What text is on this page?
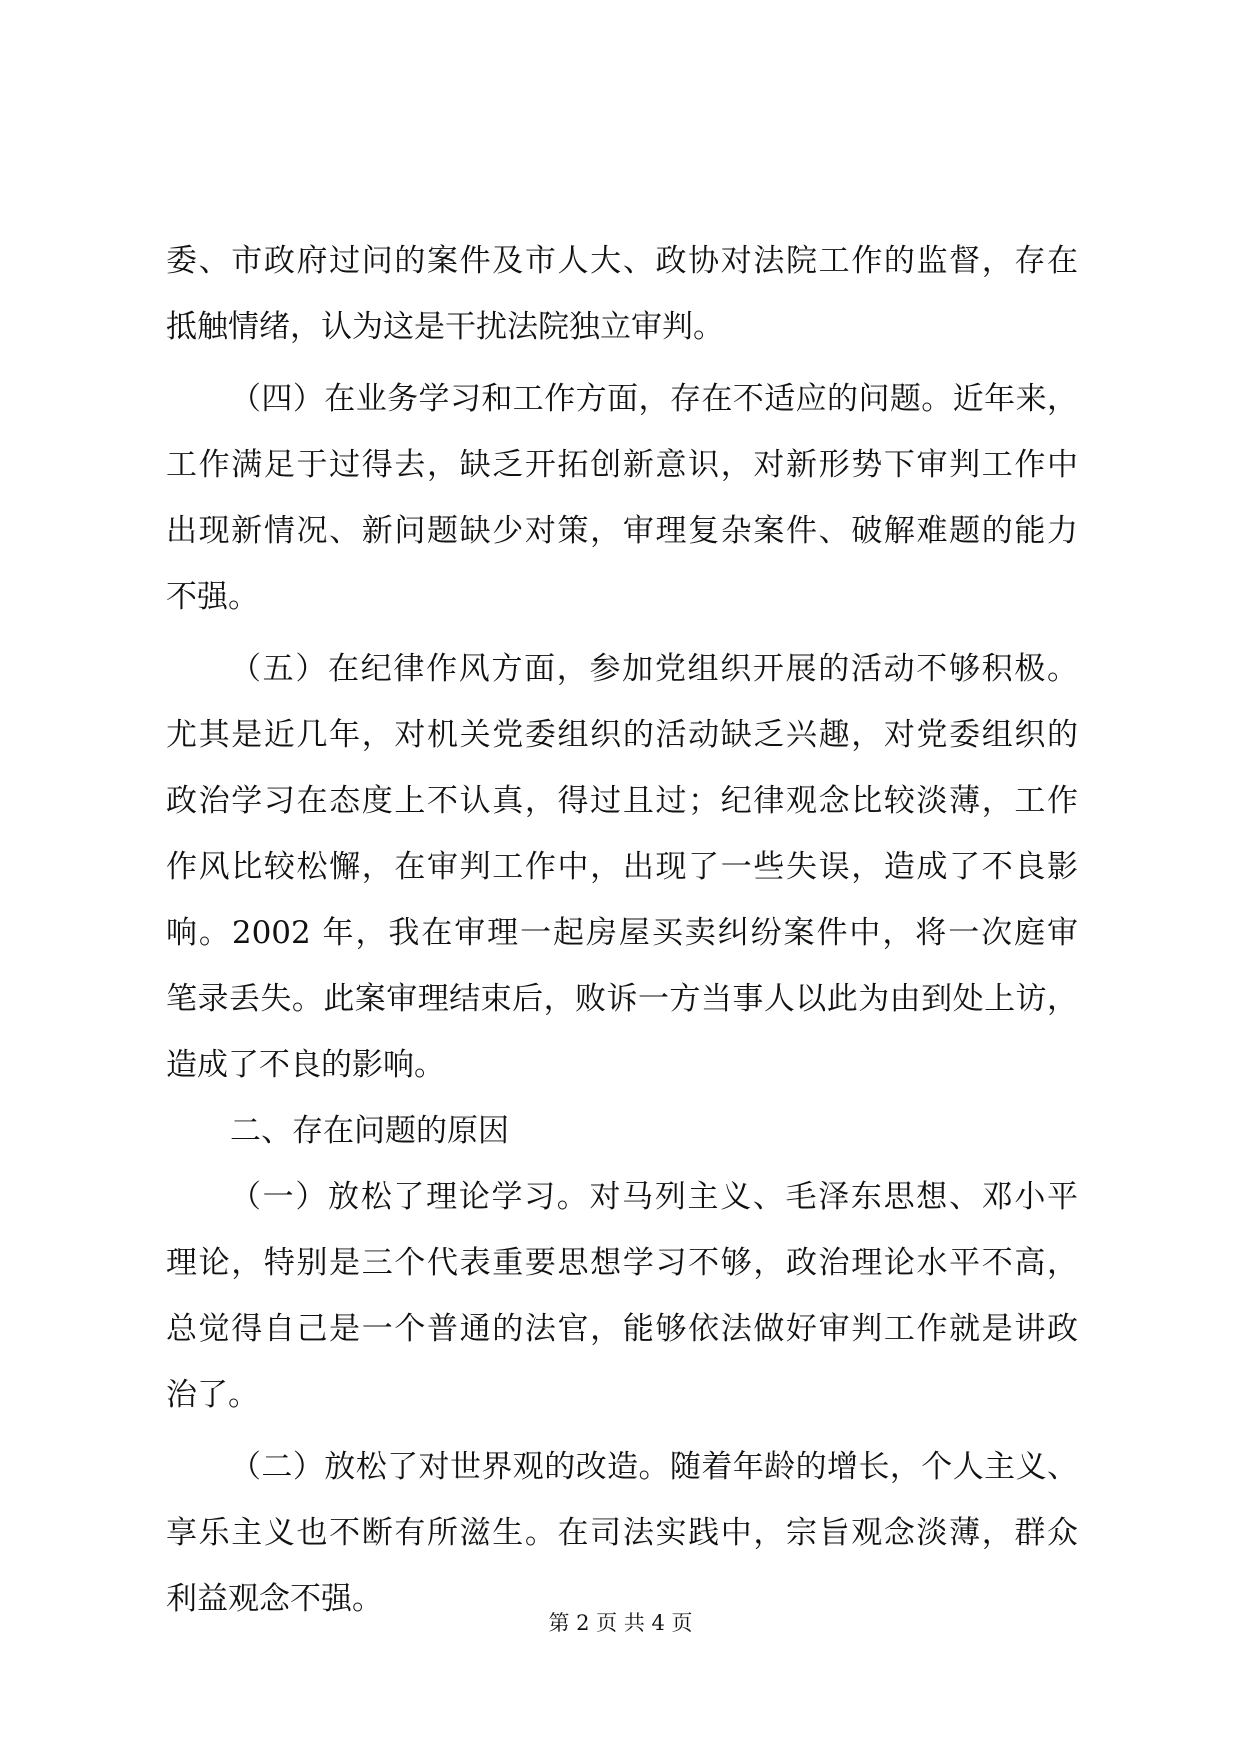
委、市政府过问的案件及市人大、政协对法院工作的监督，存在
抵触情绪，认为这是干扰法院独立审判。
（四）在业务学习和工作方面，存在不适应的问题。近年来，
工作满足于过得去，缺乏开拓创新意识，对新形势下审判工作中
出现新情况、新问题缺少对策，审理复杂案件、破解难题的能力
不强。
（五）在纪律作风方面，参加党组织开展的活动不够积极。
尤其是近几年，对机关党委组织的活动缺乏兴趣，对党委组织的
政治学习在态度上不认真，得过且过；纪律观念比较淡薄，工作
作风比较松懈，在审判工作中，出现了一些失误，造成了不良影
响。2002 年，我在审理一起房屋买卖纠纷案件中，将一次庭审
笔录丢失。此案审理结束后，败诉一方当事人以此为由到处上访，
造成了不良的影响。
二、存在问题的原因
（一）放松了理论学习。对马列主义、毛泽东思想、邓小平
理论，特别是三个代表重要思想学习不够，政治理论水平不高，
总觉得自己是一个普通的法官，能够依法做好审判工作就是讲政
治了。
（二）放松了对世界观的改造。随着年龄的增长，个人主义、
享乐主义也不断有所滋生。在司法实践中，宗旨观念淡薄，群众
利益观念不强。
第 2 页 共 4 页
